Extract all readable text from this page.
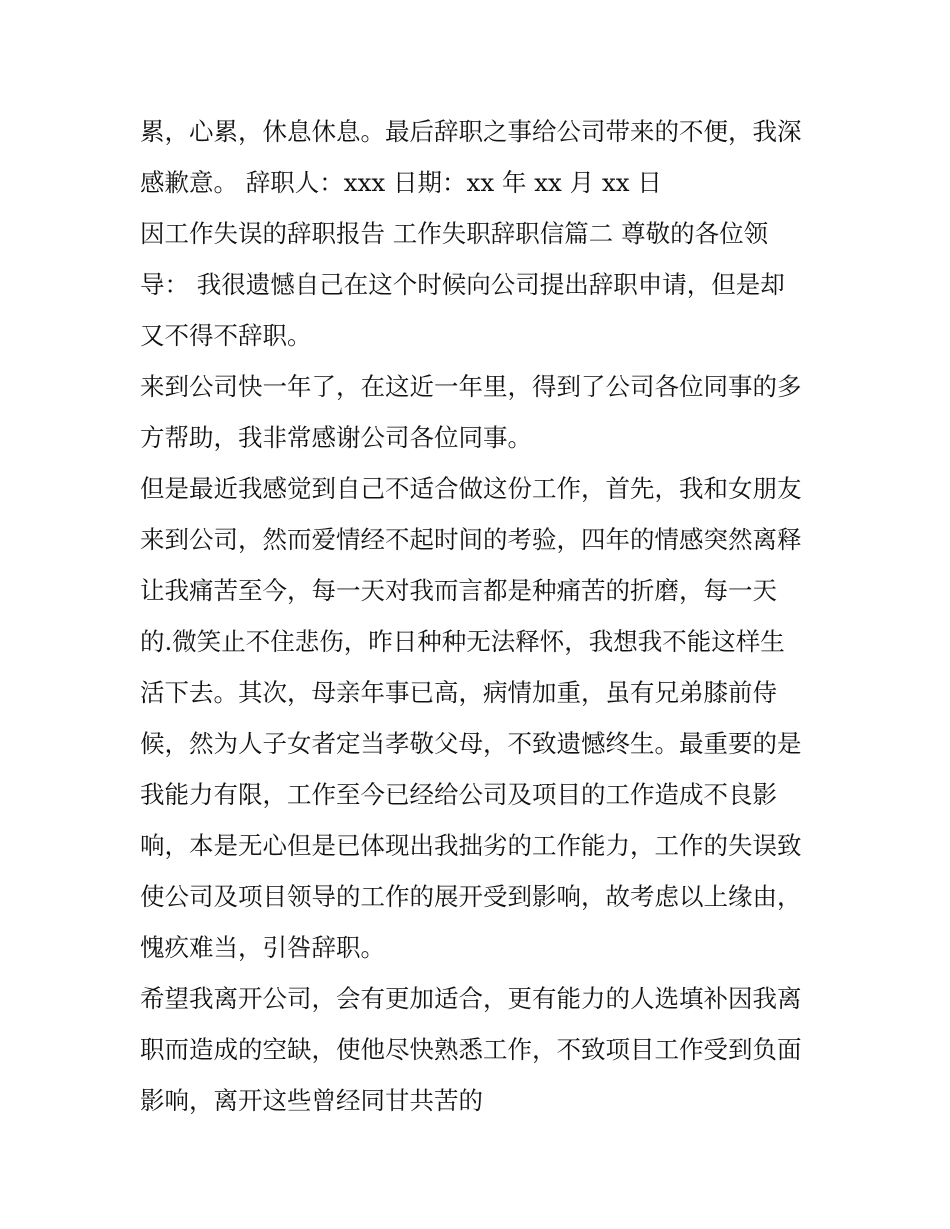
累，心累，休息休息。最后辞职之事给公司带来的不便，我深
感歉意。 辞职人：xxx 日期：xx 年 xx 月 xx 日
因工作失误的辞职报告 工作失职辞职信篇二 尊敬的各位领
导： 我很遗憾自己在这个时候向公司提出辞职申请，但是却
又不得不辞职。
来到公司快一年了，在这近一年里，得到了公司各位同事的多
方帮助，我非常感谢公司各位同事。
但是最近我感觉到自己不适合做这份工作，首先，我和女朋友
来到公司，然而爱情经不起时间的考验，四年的情感突然离释
让我痛苦至今，每一天对我而言都是种痛苦的折磨，每一天
的.微笑止不住悲伤，昨日种种无法释怀，我想我不能这样生
活下去。其次，母亲年事已高，病情加重，虽有兄弟膝前侍
候，然为人子女者定当孝敬父母，不致遗憾终生。最重要的是
我能力有限，工作至今已经给公司及项目的工作造成不良影
响，本是无心但是已体现出我拙劣的工作能力，工作的失误致
使公司及项目领导的工作的展开受到影响，故考虑以上缘由，
愧疚难当，引咎辞职。
希望我离开公司，会有更加适合，更有能力的人选填补因我离
职而造成的空缺，使他尽快熟悉工作，不致项目工作受到负面
影响，离开这些曾经同甘共苦的
